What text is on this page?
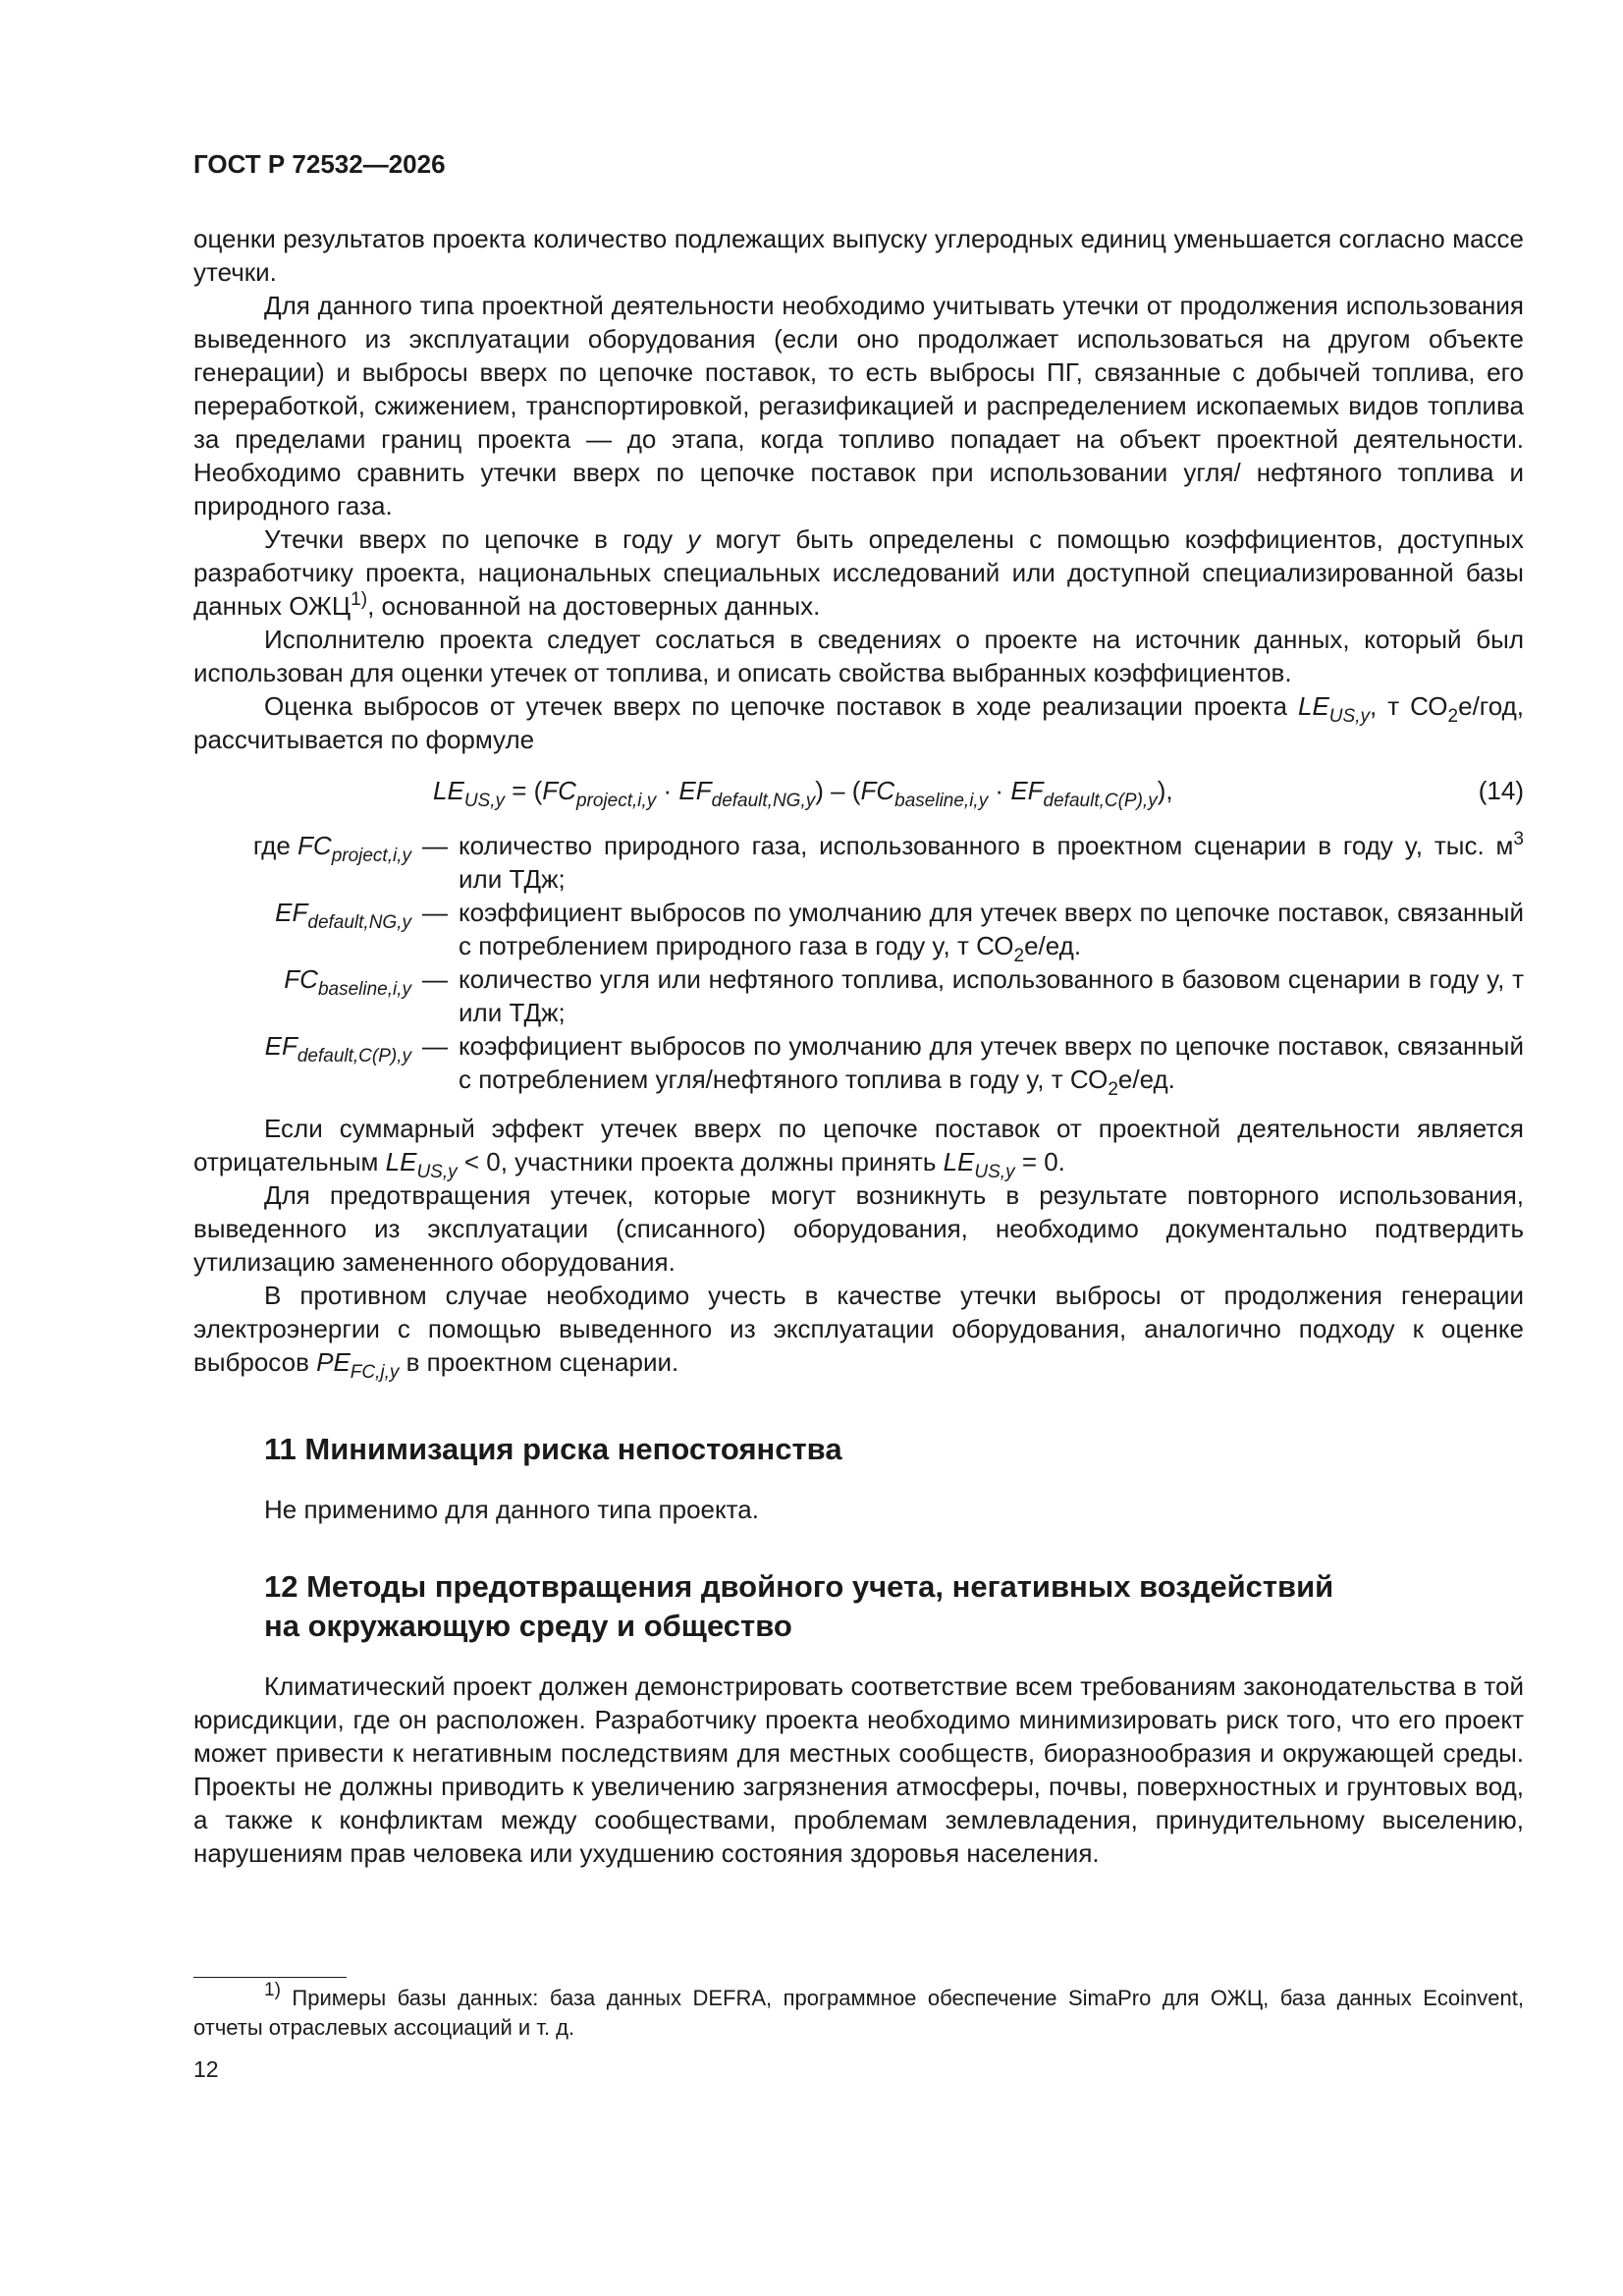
ГОСТ Р 72532—2026

оценки результатов проекта количество подлежащих выпуску углеродных единиц уменьшается согласно массе утечки.

Для данного типа проектной деятельности необходимо учитывать утечки от продолжения использования выведенного из эксплуатации оборудования (если оно продолжает использоваться на другом объекте генерации) и выбросы вверх по цепочке поставок, то есть выбросы ПГ, связанные с добычей топлива, его переработкой, сжижением, транспортировкой, регазификацией и распределением ископаемых видов топлива за пределами границ проекта — до этапа, когда топливо попадает на объект проектной деятельности. Необходимо сравнить утечки вверх по цепочке поставок при использовании угля/ нефтяного топлива и природного газа.

Утечки вверх по цепочке в году y могут быть определены с помощью коэффициентов, доступных разработчику проекта, национальных специальных исследований или доступной специализированной базы данных ОЖЦ$^{1)}$, основанной на достоверных данных.

Исполнителю проекта следует сослаться в сведениях о проекте на источник данных, который был использован для оценки утечек от топлива, и описать свойства выбранных коэффициентов.

Оценка выбросов от утечек вверх по цепочке поставок в ходе реализации проекта $LE_{US,y}$, т $СО_2е$/год, рассчитывается по формуле

$LE_{US,y} = (FC_{project,i,y} \cdot EF_{default,NG,y}) - (FC_{baseline,i,y} \cdot EF_{default,C(P),y})$,	(14)
где $FC_{project,i,y}$ — количество природного газа, использованного в проектном сценарии в году y, тыс. $м^3$ или ТДж;
$EF_{default,NG,y}$ — коэффициент выбросов по умолчанию для утечек вверх по цепочке поставок, связанный с потреблением природного газа в году y, т $СО_2е/ед$.
$FC_{baseline,i,y}$ — количество угля или нефтяного топлива, использованного в базовом сценарии в году y, т или ТДж;
$EF_{default,C(P),y}$ — коэффициент выбросов по умолчанию для утечек вверх по цепочке поставок, связанный с потреблением угля/нефтяного топлива в году y, т $СО_2е/ед$.

Если суммарный эффект утечек вверх по цепочке поставок от проектной деятельности является отрицательным $LE_{US,y} < 0$, участники проекта должны принять $LE_{US,y} = 0$.

Для предотвращения утечек, которые могут возникнуть в результате повторного использования, выведенного из эксплуатации (списанного) оборудования, необходимо документально подтвердить утилизацию замененного оборудования.

В противном случае необходимо учесть в качестве утечки выбросы от продолжения генерации электроэнергии с помощью выведенного из эксплуатации оборудования, аналогично подходу к оценке выбросов $PE_{FC,j,y}$ в проектном сценарии.

11 Минимизация риска непостоянства

Не применимо для данного типа проекта.

12 Методы предотвращения двойного учета, негативных воздействий
на окружающую среду и общество

Климатический проект должен демонстрировать соответствие всем требованиям законодательства в той юрисдикции, где он расположен. Разработчику проекта необходимо минимизировать риск того, что его проект может привести к негативным последствиям для местных сообществ, биоразнообразия и окружающей среды. Проекты не должны приводить к увеличению загрязнения атмосферы, почвы, поверхностных и грунтовых вод, а также к конфликтам между сообществами, проблемам землевладения, принудительному выселению, нарушениям прав человека или ухудшению состояния здоровья населения.

$^{1)}$ Примеры базы данных: база данных DEFRA, программное обеспечение SimaPro для ОЖЦ, база данных Ecoinvent, отчеты отраслевых ассоциаций и т. д.
12
